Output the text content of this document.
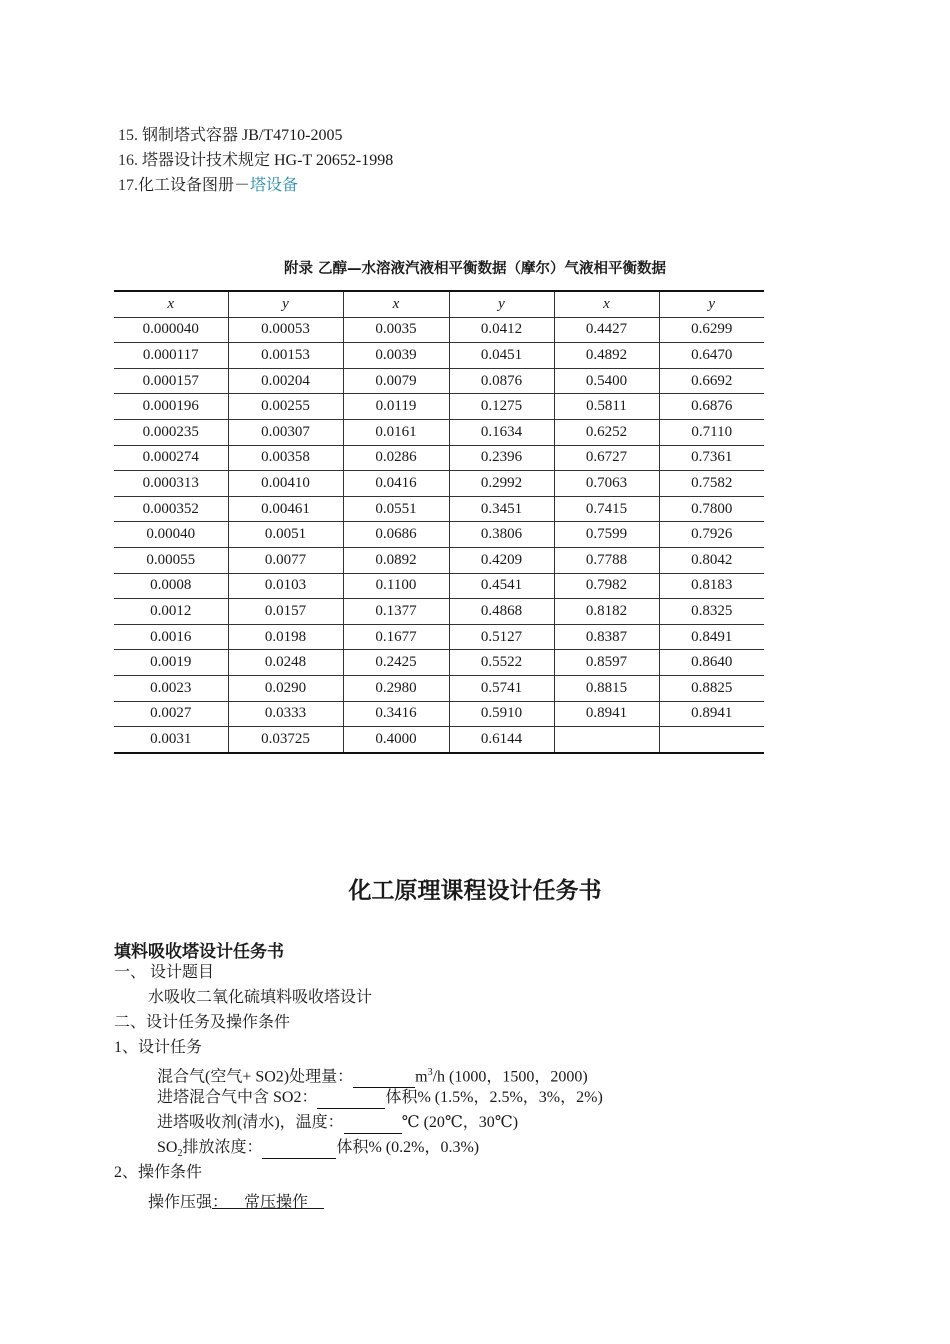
15. 钢制塔式容器 JB/T4710-2005
16. 塔器设计技术规定 HG-T 20652-1998
17.化工设备图册－塔设备
附录 乙醇—水溶液汽液相平衡数据（摩尔）气液相平衡数据
x	y	x	y	x	y
0.000040	0.00053	0.0035	0.0412	0.4427	0.6299
0.000117	0.00153	0.0039	0.0451	0.4892	0.6470
0.000157	0.00204	0.0079	0.0876	0.5400	0.6692
0.000196	0.00255	0.0119	0.1275	0.5811	0.6876
0.000235	0.00307	0.0161	0.1634	0.6252	0.7110
0.000274	0.00358	0.0286	0.2396	0.6727	0.7361
0.000313	0.00410	0.0416	0.2992	0.7063	0.7582
0.000352	0.00461	0.0551	0.3451	0.7415	0.7800
0.00040	0.0051	0.0686	0.3806	0.7599	0.7926
0.00055	0.0077	0.0892	0.4209	0.7788	0.8042
0.0008	0.0103	0.1100	0.4541	0.7982	0.8183
0.0012	0.0157	0.1377	0.4868	0.8182	0.8325
0.0016	0.0198	0.1677	0.5127	0.8387	0.8491
0.0019	0.0248	0.2425	0.5522	0.8597	0.8640
0.0023	0.0290	0.2980	0.5741	0.8815	0.8825
0.0027	0.0333	0.3416	0.5910	0.8941	0.8941
0.0031	0.03725	0.4000	0.6144		
化工原理课程设计任务书
填料吸收塔设计任务书
一、 设计题目
水吸收二氧化硫填料吸收塔设计
二、设计任务及操作条件
1、设计任务
混合气(空气+ SO2)处理量：	$m^3/h$ (1000，1500，2000)
进塔混合气中含 SO2：	体积% (1.5%，2.5%，3%，2%)
进塔吸收剂(清水)，温度：	℃ (20℃，30℃)
$SO_2$排放浓度：	体积% (0.2%，0.3%)
2、操作条件
操作压强：    常压操作
